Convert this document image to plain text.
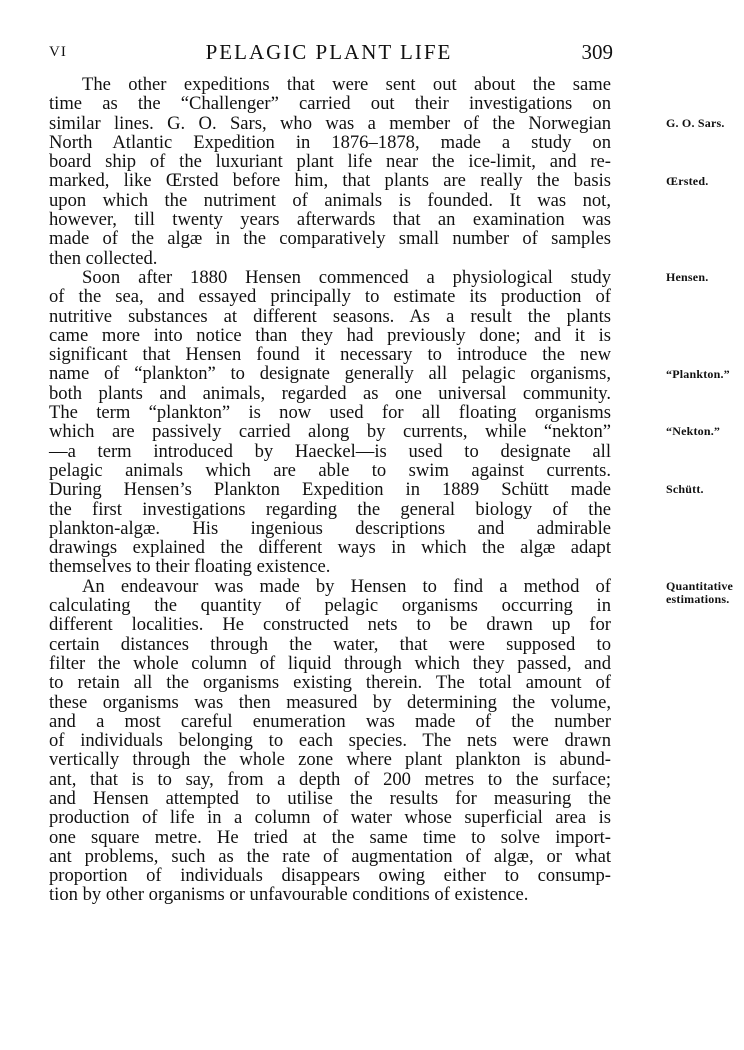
VI	PELAGIC PLANT LIFE	309
The other expeditions that were sent out about the same
time as the “Challenger” carried out their investigations on
similar lines. G. O. Sars, who was a member of the Norwegian
North Atlantic Expedition in 1876–1878, made a study on
board ship of the luxuriant plant life near the ice-limit, and re-
marked, like Œrsted before him, that plants are really the basis
upon which the nutriment of animals is founded. It was not,
however, till twenty years afterwards that an examination was
made of the algæ in the comparatively small number of samples
then collected.
Soon after 1880 Hensen commenced a physiological study
of the sea, and essayed principally to estimate its production of
nutritive substances at different seasons. As a result the plants
came more into notice than they had previously done; and it is
significant that Hensen found it necessary to introduce the new
name of “plankton” to designate generally all pelagic organisms,
both plants and animals, regarded as one universal community.
The term “plankton” is now used for all floating organisms
which are passively carried along by currents, while “nekton”
—a term introduced by Haeckel—is used to designate all
pelagic animals which are able to swim against currents.
During Hensen’s Plankton Expedition in 1889 Schütt made
the first investigations regarding the general biology of the
plankton-algæ. His ingenious descriptions and admirable
drawings explained the different ways in which the algæ adapt
themselves to their floating existence.
An endeavour was made by Hensen to find a method of
calculating the quantity of pelagic organisms occurring in
different localities. He constructed nets to be drawn up for
certain distances through the water, that were supposed to
filter the whole column of liquid through which they passed, and
to retain all the organisms existing therein. The total amount of
these organisms was then measured by determining the volume,
and a most careful enumeration was made of the number
of individuals belonging to each species. The nets were drawn
vertically through the whole zone where plant plankton is abund-
ant, that is to say, from a depth of 200 metres to the surface;
and Hensen attempted to utilise the results for measuring the
production of life in a column of water whose superficial area is
one square metre. He tried at the same time to solve import-
ant problems, such as the rate of augmentation of algæ, or what
proportion of individuals disappears owing either to consump-
tion by other organisms or unfavourable conditions of existence.
G. O. Sars.
Œrsted.
Hensen.
“Plankton.”
“Nekton.”
Schütt.
Quantitative
estimations.
